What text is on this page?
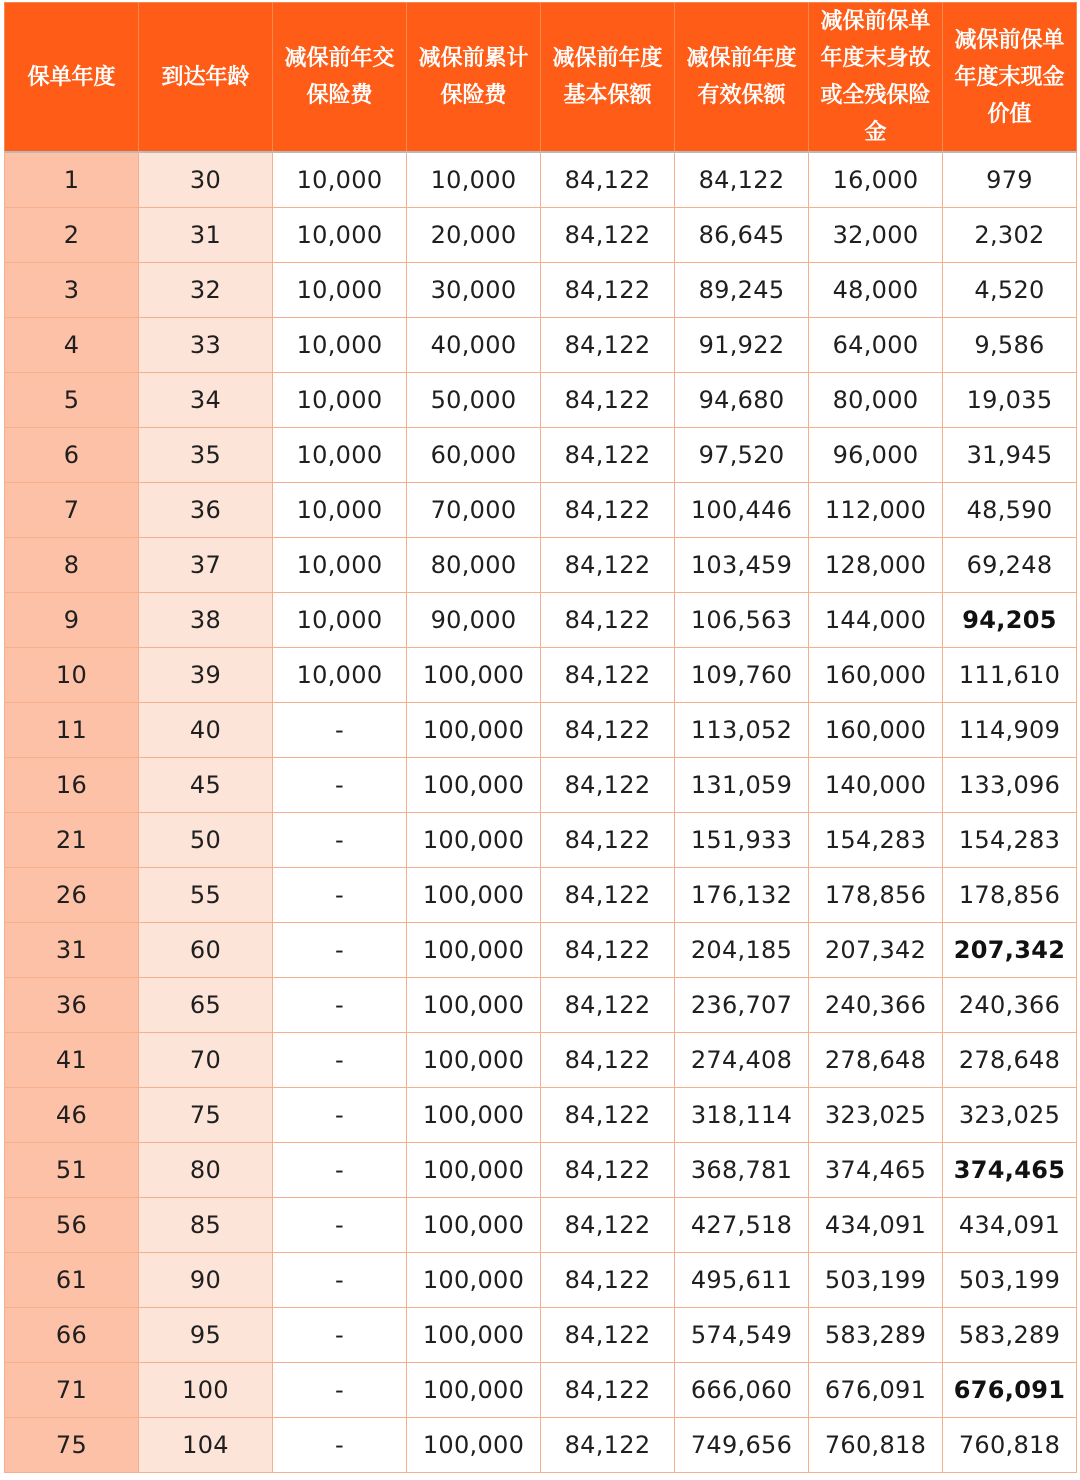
保单年度	到达年龄	减保前年交保险费	减保前累计保险费	减保前年度基本保额	减保前年度有效保额	减保前保单年度末身故或全残保险金	减保前保单年度末现金价值
1	30	10,000	10,000	84,122	84,122	16,000	979
2	31	10,000	20,000	84,122	86,645	32,000	2,302
3	32	10,000	30,000	84,122	89,245	48,000	4,520
4	33	10,000	40,000	84,122	91,922	64,000	9,586
5	34	10,000	50,000	84,122	94,680	80,000	19,035
6	35	10,000	60,000	84,122	97,520	96,000	31,945
7	36	10,000	70,000	84,122	100,446	112,000	48,590
8	37	10,000	80,000	84,122	103,459	128,000	69,248
9	38	10,000	90,000	84,122	106,563	144,000	94,205
10	39	10,000	100,000	84,122	109,760	160,000	111,610
11	40	-	100,000	84,122	113,052	160,000	114,909
16	45	-	100,000	84,122	131,059	140,000	133,096
21	50	-	100,000	84,122	151,933	154,283	154,283
26	55	-	100,000	84,122	176,132	178,856	178,856
31	60	-	100,000	84,122	204,185	207,342	207,342
36	65	-	100,000	84,122	236,707	240,366	240,366
41	70	-	100,000	84,122	274,408	278,648	278,648
46	75	-	100,000	84,122	318,114	323,025	323,025
51	80	-	100,000	84,122	368,781	374,465	374,465
56	85	-	100,000	84,122	427,518	434,091	434,091
61	90	-	100,000	84,122	495,611	503,199	503,199
66	95	-	100,000	84,122	574,549	583,289	583,289
71	100	-	100,000	84,122	666,060	676,091	676,091
75	104	-	100,000	84,122	749,656	760,818	760,818
